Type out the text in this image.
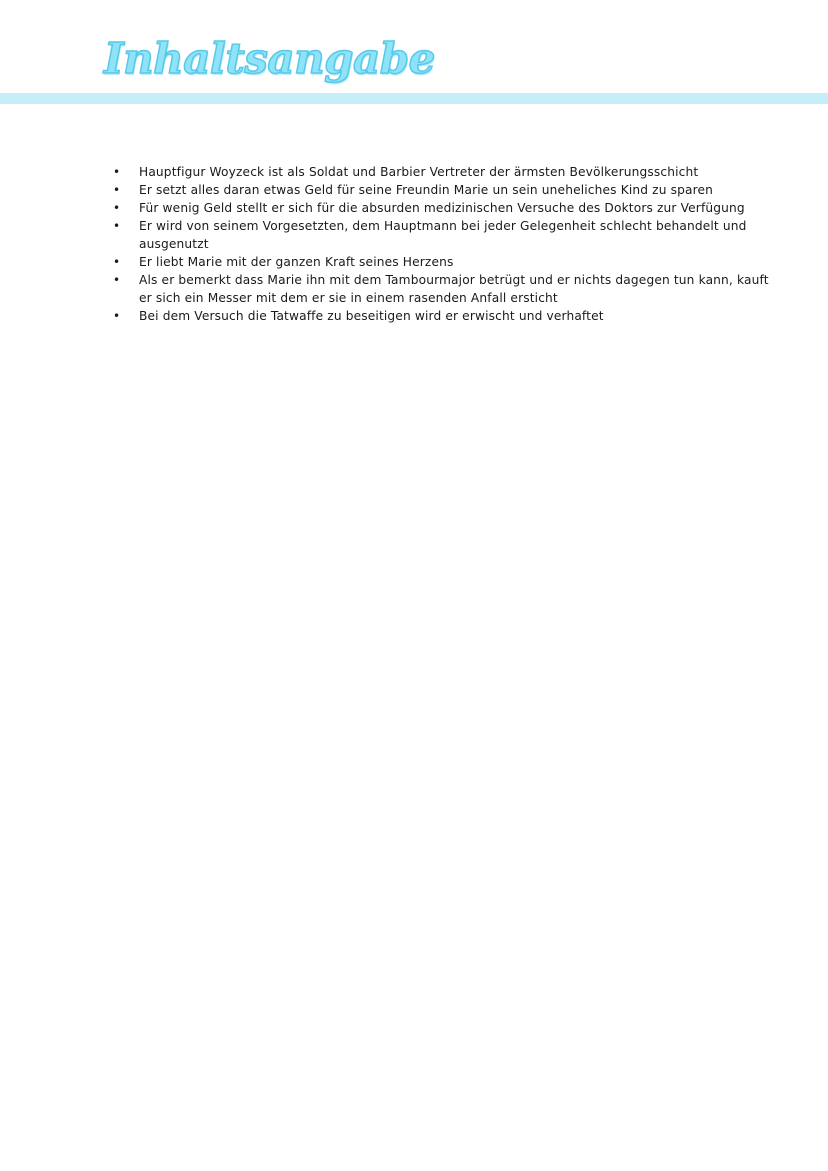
Inhaltsangabe
• Hauptfigur Woyzeck ist als Soldat und Barbier Vertreter der ärmsten Bevölkerungsschicht
• Er setzt alles daran etwas Geld für seine Freundin Marie un sein uneheliches Kind zu sparen
• Für wenig Geld stellt er sich für die absurden medizinischen Versuche des Doktors zur Verfügung
• Er wird von seinem Vorgesetzten, dem Hauptmann bei jeder Gelegenheit schlecht behandelt und ausgenutzt
• Er liebt Marie mit der ganzen Kraft seines Herzens
• Als er bemerkt dass Marie ihn mit dem Tambourmajor betrügt und er nichts dagegen tun kann, kauft er sich ein Messer mit dem er sie in einem rasenden Anfall ersticht
• Bei dem Versuch die Tatwaffe zu beseitigen wird er erwischt und verhaftet
